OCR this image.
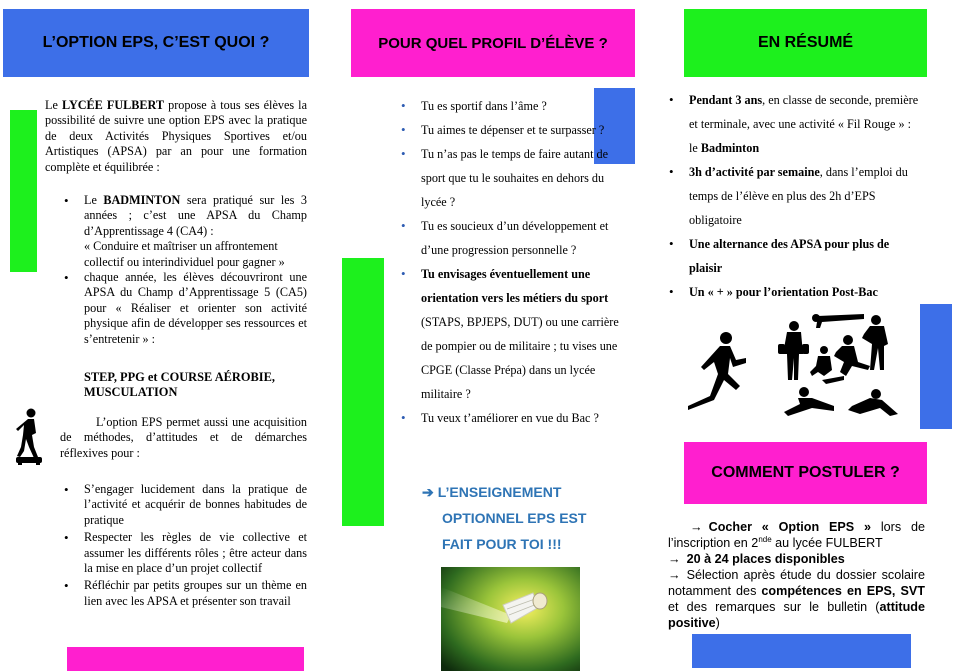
L’OPTION EPS, C’EST QUOI ?	POUR QUEL PROFIL D’ÉLÈVE ?	EN RÉSUMÉ
COMMENT POSTULER ?
Le LYCÉE FULBERT propose à tous ses élèves la possibilité de suivre une option EPS avec la pratique de deux Activités Physiques Sportives et/ou Artistiques (APSA) par an pour une formation complète et équilibrée :
• Le BADMINTON sera pratiqué sur les 3 années ; c’est une APSA du Champ d’Apprentissage 4 (CA4) :
« Conduire et maîtriser un affrontement collectif ou interindividuel pour gagner »
• chaque année, les élèves découvriront une APSA du Champ d’Apprentissage 5 (CA5) pour « Réaliser et orienter son activité physique afin de développer ses ressources et s’entretenir » :
STEP, PPG et COURSE AÉROBIE, MUSCULATION
L’option EPS permet aussi une acquisition de méthodes, d’attitudes et de démarches réflexives pour :
• S’engager lucidement dans la pratique de l’activité et acquérir de bonnes habitudes de pratique
• Respecter les règles de vie collective et assumer les différents rôles ; être acteur dans la mise en place d’un projet collectif
• Réfléchir par petits groupes sur un thème en lien avec les APSA et présenter son travail
• Tu es sportif dans l’âme ?
• Tu aimes te dépenser et te surpasser ?
• Tu n’as pas le temps de faire autant de sport que tu le souhaites en dehors du lycée ?
• Tu es soucieux d’un développement et d’une progression personnelle ?
• Tu envisages éventuellement une orientation vers les métiers du sport (STAPS, BPJEPS, DUT) ou une carrière de pompier ou de militaire ; tu vises une CPGE (Classe Prépa) dans un lycée militaire ?
• Tu veux t’améliorer en vue du Bac ?
➔ L’ENSEIGNEMENT
OPTIONNEL EPS EST
FAIT POUR TOI !!!
• Pendant 3 ans, en classe de seconde, première et terminale, avec une activité « Fil Rouge » : le Badminton
• 3h d’activité par semaine, dans l’emploi du temps de l’élève en plus des 2h d’EPS obligatoire
• Une alternance des APSA pour plus de plaisir
• Un « + » pour l’orientation Post-Bac

→ Cocher « Option EPS » lors de l’inscription en 2nde au lycée FULBERT

→ 20 à 24 places disponibles

→ Sélection après étude du dossier scolaire notamment des compétences en EPS, SVT et des remarques sur le bulletin (attitude positive)
